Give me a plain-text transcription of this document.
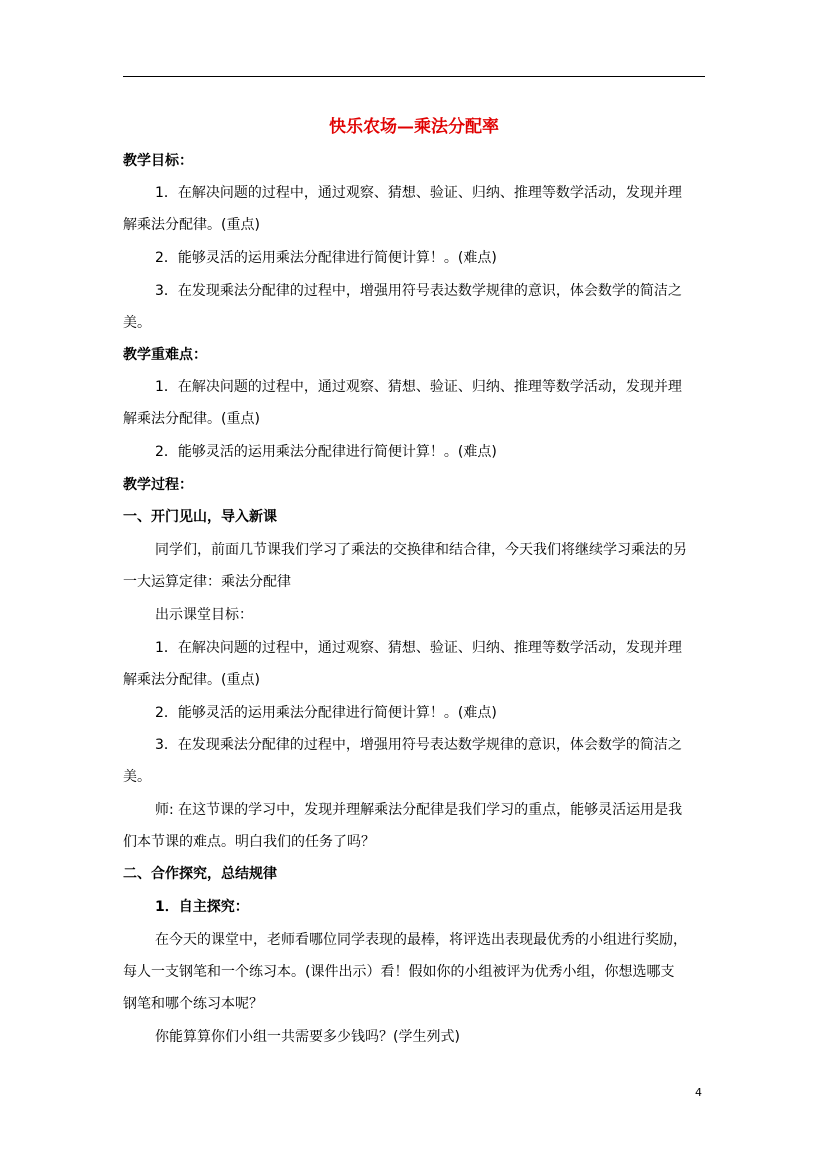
快乐农场—乘法分配率
教学目标：
1．在解决问题的过程中，通过观察、猜想、验证、归纳、推理等数学活动，发现并理
解乘法分配律。(重点)
2．能够灵活的运用乘法分配律进行简便计算！。(难点)
3．在发现乘法分配律的过程中，增强用符号表达数学规律的意识，体会数学的简洁之
美。
教学重难点：
1．在解决问题的过程中，通过观察、猜想、验证、归纳、推理等数学活动，发现并理
解乘法分配律。(重点)
2．能够灵活的运用乘法分配律进行简便计算！。(难点)
教学过程：
一、开门见山，导入新课
同学们，前面几节课我们学习了乘法的交换律和结合律，今天我们将继续学习乘法的另
一大运算定律：乘法分配律
出示课堂目标：
1．在解决问题的过程中，通过观察、猜想、验证、归纳、推理等数学活动，发现并理
解乘法分配律。(重点)
2．能够灵活的运用乘法分配律进行简便计算！。(难点)
3．在发现乘法分配律的过程中，增强用符号表达数学规律的意识，体会数学的简洁之
美。
师: 在这节课的学习中，发现并理解乘法分配律是我们学习的重点，能够灵活运用是我
们本节课的难点。明白我们的任务了吗？
二、合作探究，总结规律
1．自主探究：
在今天的课堂中，老师看哪位同学表现的最棒，将评选出表现最优秀的小组进行奖励，
每人一支钢笔和一个练习本。(课件出示）看！假如你的小组被评为优秀小组，你想选哪支
钢笔和哪个练习本呢？
你能算算你们小组一共需要多少钱吗？(学生列式)
4
